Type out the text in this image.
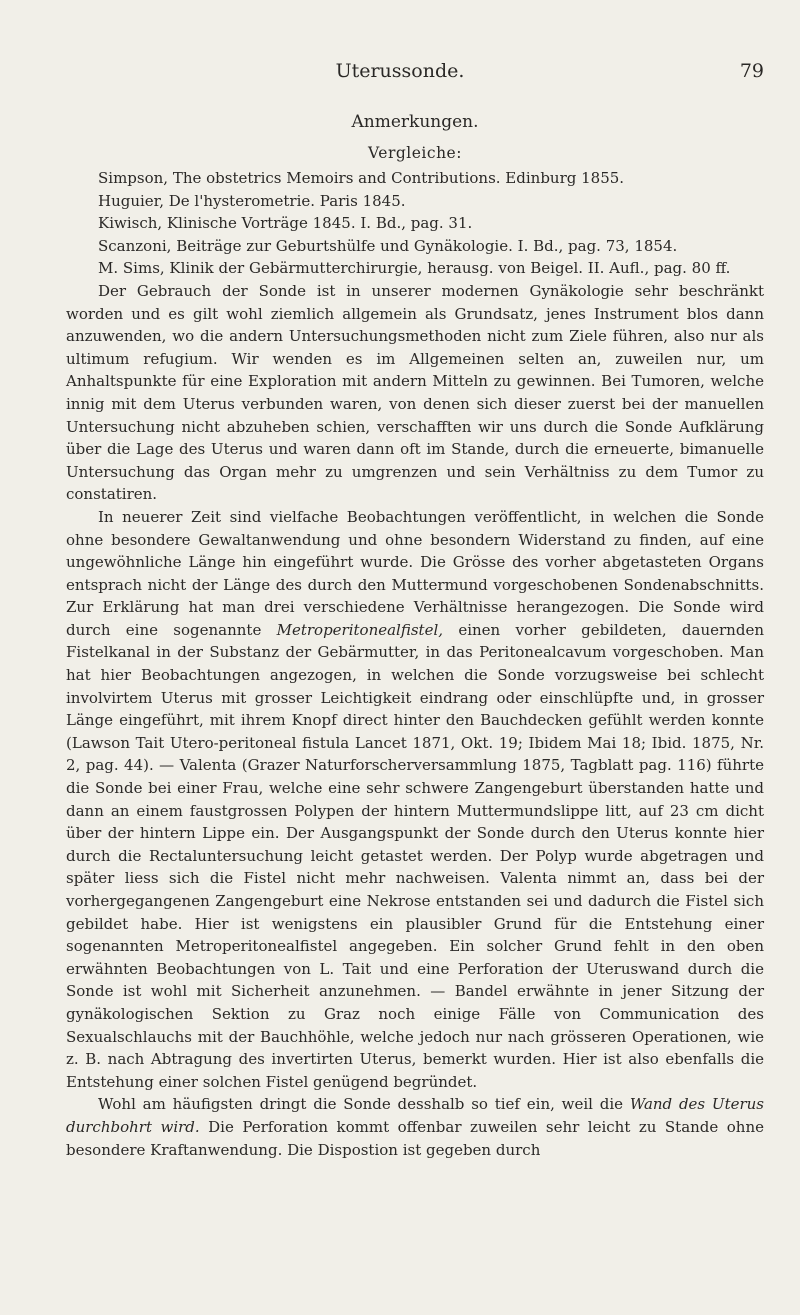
Uterussonde.	79
Anmerkungen.
Vergleiche:

Simpson, The obstetrics Memoirs and Contributions. Edinburg 1855.

Huguier, De l'hysterometrie. Paris 1845.

Kiwisch, Klinische Vorträge 1845. I. Bd., pag. 31.

Scanzoni, Beiträge zur Geburtshülfe und Gynäkologie. I. Bd., pag. 73, 1854.

M. Sims, Klinik der Gebärmutterchirurgie, herausg. von Beigel. II. Aufl., pag. 80 ff.

Der Gebrauch der Sonde ist in unserer modernen Gynäkologie sehr beschränkt worden und es gilt wohl ziemlich allgemein als Grundsatz, jenes Instrument blos dann anzuwenden, wo die andern Untersuchungsmethoden nicht zum Ziele führen, also nur als ultimum refugium. Wir wenden es im Allgemeinen selten an, zuweilen nur, um Anhaltspunkte für eine Exploration mit andern Mitteln zu gewinnen. Bei Tumoren, welche innig mit dem Uterus verbunden waren, von denen sich dieser zuerst bei der manuellen Untersuchung nicht abzuheben schien, verschafften wir uns durch die Sonde Aufklärung über die Lage des Uterus und waren dann oft im Stande, durch die erneuerte, bimanuelle Untersuchung das Organ mehr zu umgrenzen und sein Verhältniss zu dem Tumor zu constatiren.

In neuerer Zeit sind vielfache Beobachtungen veröffentlicht, in welchen die Sonde ohne besondere Gewaltanwendung und ohne besondern Widerstand zu finden, auf eine ungewöhnliche Länge hin eingeführt wurde. Die Grösse des vorher abgetasteten Organs entsprach nicht der Länge des durch den Muttermund vorgeschobenen Sondenabschnitts. Zur Erklärung hat man drei verschiedene Verhältnisse herangezogen. Die Sonde wird durch eine sogenannte Metroperitonealfistel, einen vorher gebildeten, dauernden Fistelkanal in der Substanz der Gebärmutter, in das Peritonealcavum vorgeschoben. Man hat hier Beobachtungen angezogen, in welchen die Sonde vorzugsweise bei schlecht involvirtem Uterus mit grosser Leichtigkeit eindrang oder einschlüpfte und, in grosser Länge eingeführt, mit ihrem Knopf direct hinter den Bauchdecken gefühlt werden konnte (Lawson Tait Utero-peritoneal fistula Lancet 1871, Okt. 19; Ibidem Mai 18; Ibid. 1875, Nr. 2, pag. 44). — Valenta (Grazer Naturforscherversammlung 1875, Tagblatt pag. 116) führte die Sonde bei einer Frau, welche eine sehr schwere Zangengeburt überstanden hatte und dann an einem faustgrossen Polypen der hintern Muttermundslippe litt, auf 23 cm dicht über der hintern Lippe ein. Der Ausgangspunkt der Sonde durch den Uterus konnte hier durch die Rectaluntersuchung leicht getastet werden. Der Polyp wurde abgetragen und später liess sich die Fistel nicht mehr nachweisen. Valenta nimmt an, dass bei der vorhergegangenen Zangengeburt eine Nekrose entstanden sei und dadurch die Fistel sich gebildet habe. Hier ist wenigstens ein plausibler Grund für die Entstehung einer sogenannten Metroperitonealfistel angegeben. Ein solcher Grund fehlt in den oben erwähnten Beobachtungen von L. Tait und eine Perforation der Uteruswand durch die Sonde ist wohl mit Sicherheit anzunehmen. — Bandel erwähnte in jener Sitzung der gynäkologischen Sektion zu Graz noch einige Fälle von Communication des Sexualschlauchs mit der Bauchhöhle, welche jedoch nur nach grösseren Operationen, wie z. B. nach Abtragung des invertirten Uterus, bemerkt wurden. Hier ist also ebenfalls die Entstehung einer solchen Fistel genügend begründet.

Wohl am häufigsten dringt die Sonde desshalb so tief ein, weil die Wand des Uterus durchbohrt wird. Die Perforation kommt offenbar zuweilen sehr leicht zu Stande ohne besondere Kraftanwendung. Die Dispostion ist gegeben durch
